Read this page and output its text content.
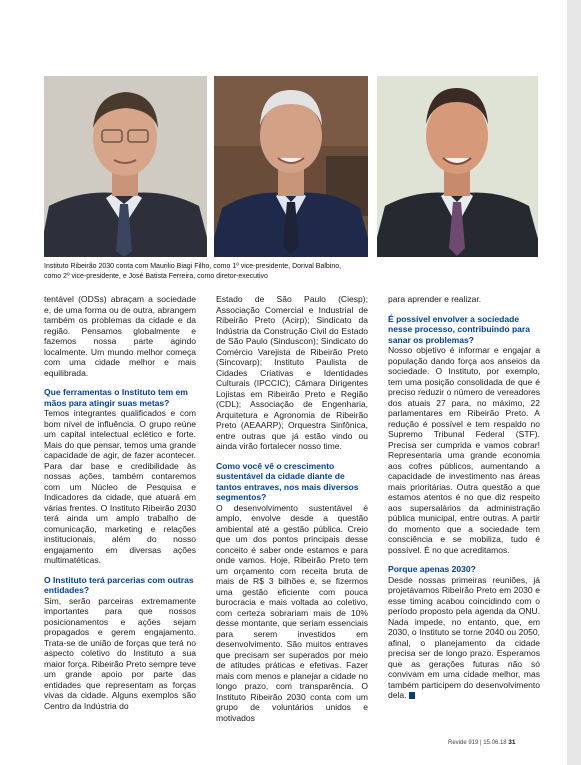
Instituto Ribeirão 2030 conta com Maurilio Biagi Filho, como 1º vice-presidente, Dorival Balbino, como 2º vice-presidente, e José Batista Ferreira, como diretor-executivo

tentável (ODSs) abraçam a sociedade e, de uma forma ou de outra, abrangem também os problemas da cidade e da região. Pensamos globalmente e fazemos nossa parte agindo localmente. Um mundo melhor começa com uma cidade melhor e mais equilibrada.

Que ferramentas o Instituto tem em mãos para atingir suas metas?

Temos integrantes qualificados e com bom nível de influência. O grupo reúne um capital intelectual eclético e forte. Mais do que pensar, temos uma grande capacidade de agir, de fazer acontecer. Para dar base e credibilidade às nossas ações, também contaremos com um Núcleo de Pesquisa e Indicadores da cidade, que atuará em várias frentes. O Instituto Ribeirão 2030 terá ainda um amplo trabalho de comunicação, marketing e relações institucionais, além do nosso engajamento em diversas ações multimatéticas.

O Instituto terá parcerias com outras entidades?

Sim, serão parceiras extremamente importantes para que nossos posicionamentos e ações sejam propagados e gerem engajamento. Trata-se de união de forças que terá no aspecto coletivo do Instituto a sua maior força. Ribeirão Preto sempre teve um grande apoio por parte das entidades que representam as forças vivas da cidade. Alguns exemplos são Centro da Indústria do

Estado de São Paulo (Ciesp); Associação Comercial e Industrial de Ribeirão Preto (Acirp); Sindicato da Indústria da Construção Civil do Estado de São Paulo (Sinduscon); Sindicato do Comércio Varejista de Ribeirão Preto (Sincovarp); Instituto Paulista de Cidades Criativas e Identidades Culturais (IPCCIC); Câmara Dirigentes Lojistas em Ribeirão Preto e Região (CDL); Associação de Engenharia, Arquitetura e Agronomia de Ribeirão Preto (AEAARP); Orquestra Sinfônica, entre outras que já estão vindo ou ainda virão fortalecer nosso time.

Como você vê o crescimento sustentável da cidade diante de tantos entraves, nos mais diversos segmentos?

O desenvolvimento sustentável é amplo, envolve desde a questão ambiental até a gestão pública. Creio que um dos pontos principais desse conceito é saber onde estamos e para onde vamos. Hoje, Ribeirão Preto tem um orçamento com receita bruta de mais de R$ 3 bilhões e, se fizermos uma gestão eficiente com pouca burocracia e mais voltada ao coletivo, com certeza sobrariam mais de 10% desse montante, que seriam essenciais para serem investidos em desenvolvimento. São muitos entraves que precisam ser superados por meio de atitudes práticas e efetivas. Fazer mais com menos e planejar a cidade no longo prazo, com transparência. O Instituto Ribeirão 2030 conta com um grupo de voluntários unidos e motivados

para aprender e realizar.

É possível envolver a sociedade nesse processo, contribuindo para sanar os problemas?

Nosso objetivo é informar e engajar a população dando força aos anseios da sociedade. O Instituto, por exemplo, tem uma posição consolidada de que é preciso reduzir o número de vereadores dos atuais 27 para, no máximo, 22 parlamentares em Ribeirão Preto. A redução é possível e tem respaldo no Supremo Tribunal Federal (STF). Precisa ser cumprida e vamos cobrar! Representaria uma grande economia aos cofres públicos, aumentando a capacidade de investimento nas áreas mais prioritárias. Outra questão a que estamos atentos é no que diz respeito aos supersalários da administração pública municipal, entre outras. A partir do momento que a sociedade tem consciência e se mobiliza, tudo é possível. É no que acreditamos.

Porque apenas 2030?

Desde nossas primeiras reuniões, já projetávamos Ribeirão Preto em 2030 e esse timing acabou coincidindo com o período proposto pela agenda da ONU. Nada impede, no entanto, que, em 2030, o Instituto se torne 2040 ou 2050, afinal, o planejamento da cidade precisa ser de longo prazo. Esperamos que as gerações futuras não só convivam em uma cidade melhor, mas também participem do desenvolvimento dela.

Revide 919 | 15.06.18 31
